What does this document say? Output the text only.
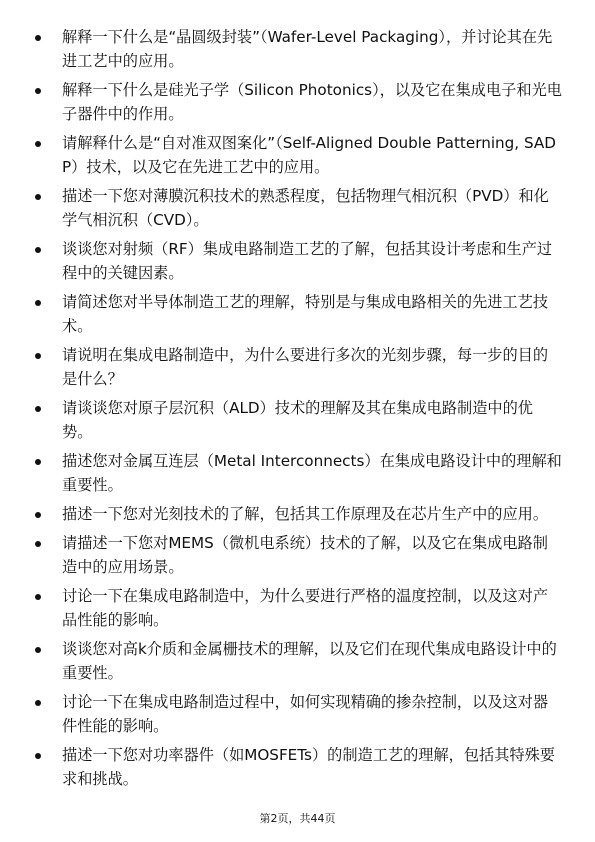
解释一下什么是“晶圆级封装”（Wafer-Level Packaging），并讨论其在先进工艺中的应用。
解释一下什么是硅光子学（Silicon Photonics），以及它在集成电子和光电子器件中的作用。
请解释什么是“自对准双图案化”（Self-Aligned Double Patterning, SADP）技术，以及它在先进工艺中的应用。
描述一下您对薄膜沉积技术的熟悉程度，包括物理气相沉积（PVD）和化学气相沉积（CVD）。
谈谈您对射频（RF）集成电路制造工艺的了解，包括其设计考虑和生产过程中的关键因素。
请简述您对半导体制造工艺的理解，特别是与集成电路相关的先进工艺技术。
请说明在集成电路制造中，为什么要进行多次的光刻步骤，每一步的目的是什么？
请谈谈您对原子层沉积（ALD）技术的理解及其在集成电路制造中的优势。
描述您对金属互连层（Metal Interconnects）在集成电路设计中的理解和重要性。
描述一下您对光刻技术的了解，包括其工作原理及在芯片生产中的应用。
请描述一下您对MEMS（微机电系统）技术的了解，以及它在集成电路制造中的应用场景。
讨论一下在集成电路制造中，为什么要进行严格的温度控制，以及这对产品性能的影响。
谈谈您对高k介质和金属栅技术的理解，以及它们在现代集成电路设计中的重要性。
讨论一下在集成电路制造过程中，如何实现精确的掺杂控制，以及这对器件性能的影响。
描述一下您对功率器件（如MOSFETs）的制造工艺的理解，包括其特殊要求和挑战。
第2页，共44页
